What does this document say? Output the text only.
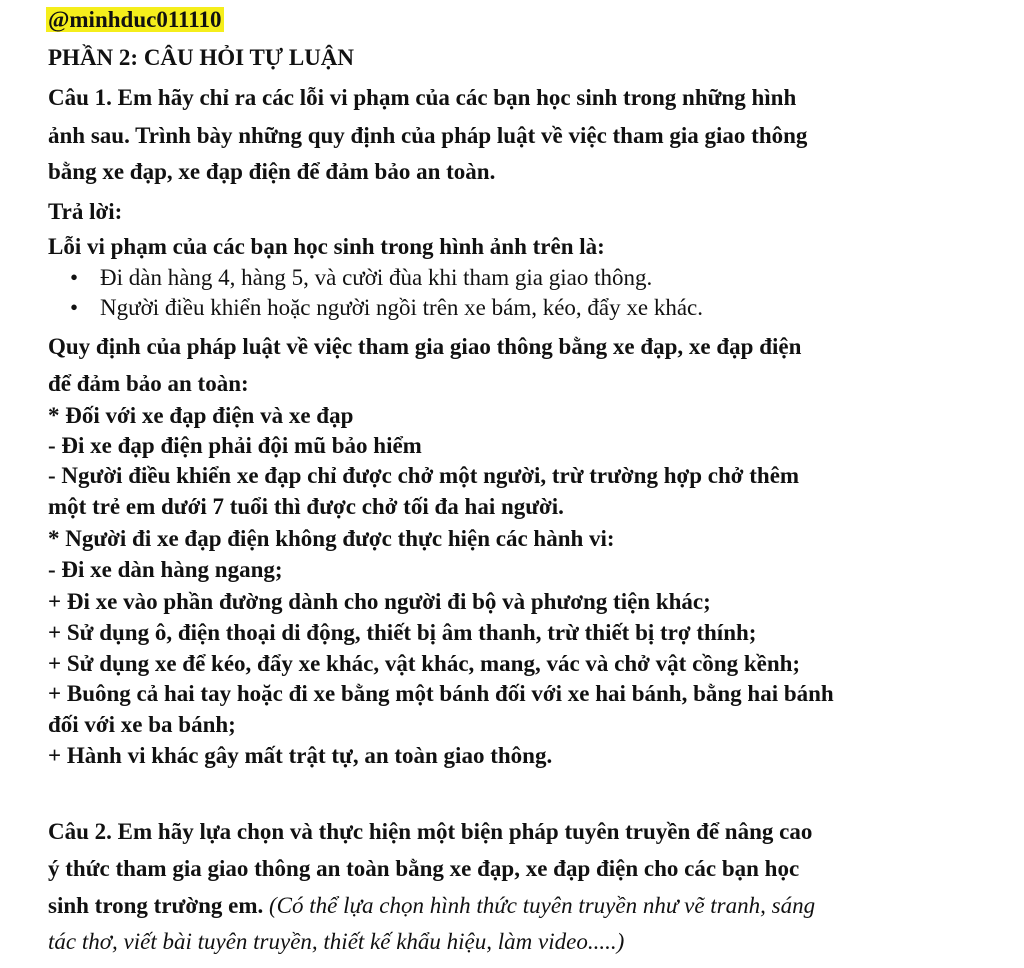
@minhduc011110
PHẦN 2: CÂU HỎI TỰ LUẬN
Câu 1. Em hãy chỉ ra các lỗi vi phạm của các bạn học sinh trong những hình
ảnh sau. Trình bày những quy định của pháp luật về việc tham gia giao thông
bằng xe đạp, xe đạp điện để đảm bảo an toàn.
Trả lời:
Lỗi vi phạm của các bạn học sinh trong hình ảnh trên là:
• Đi dàn hàng 4, hàng 5, và cười đùa khi tham gia giao thông.
• Người điều khiển hoặc người ngồi trên xe bám, kéo, đẩy xe khác.
Quy định của pháp luật về việc tham gia giao thông bằng xe đạp, xe đạp điện
để đảm bảo an toàn:
* Đối với xe đạp điện và xe đạp
- Đi xe đạp điện phải đội mũ bảo hiểm
- Người điều khiển xe đạp chỉ được chở một người, trừ trường hợp chở thêm
một trẻ em dưới 7 tuổi thì được chở tối đa hai người.
* Người đi xe đạp điện không được thực hiện các hành vi:
- Đi xe dàn hàng ngang;
+ Đi xe vào phần đường dành cho người đi bộ và phương tiện khác;
+ Sử dụng ô, điện thoại di động, thiết bị âm thanh, trừ thiết bị trợ thính;
+ Sử dụng xe để kéo, đẩy xe khác, vật khác, mang, vác và chở vật cồng kềnh;
+ Buông cả hai tay hoặc đi xe bằng một bánh đối với xe hai bánh, bằng hai bánh
đối với xe ba bánh;
+ Hành vi khác gây mất trật tự, an toàn giao thông.
Câu 2. Em hãy lựa chọn và thực hiện một biện pháp tuyên truyền để nâng cao
ý thức tham gia giao thông an toàn bằng xe đạp, xe đạp điện cho các bạn học
sinh trong trường em. (Có thể lựa chọn hình thức tuyên truyền như vẽ tranh, sáng
tác thơ, viết bài tuyên truyền, thiết kế khẩu hiệu, làm video.....)
